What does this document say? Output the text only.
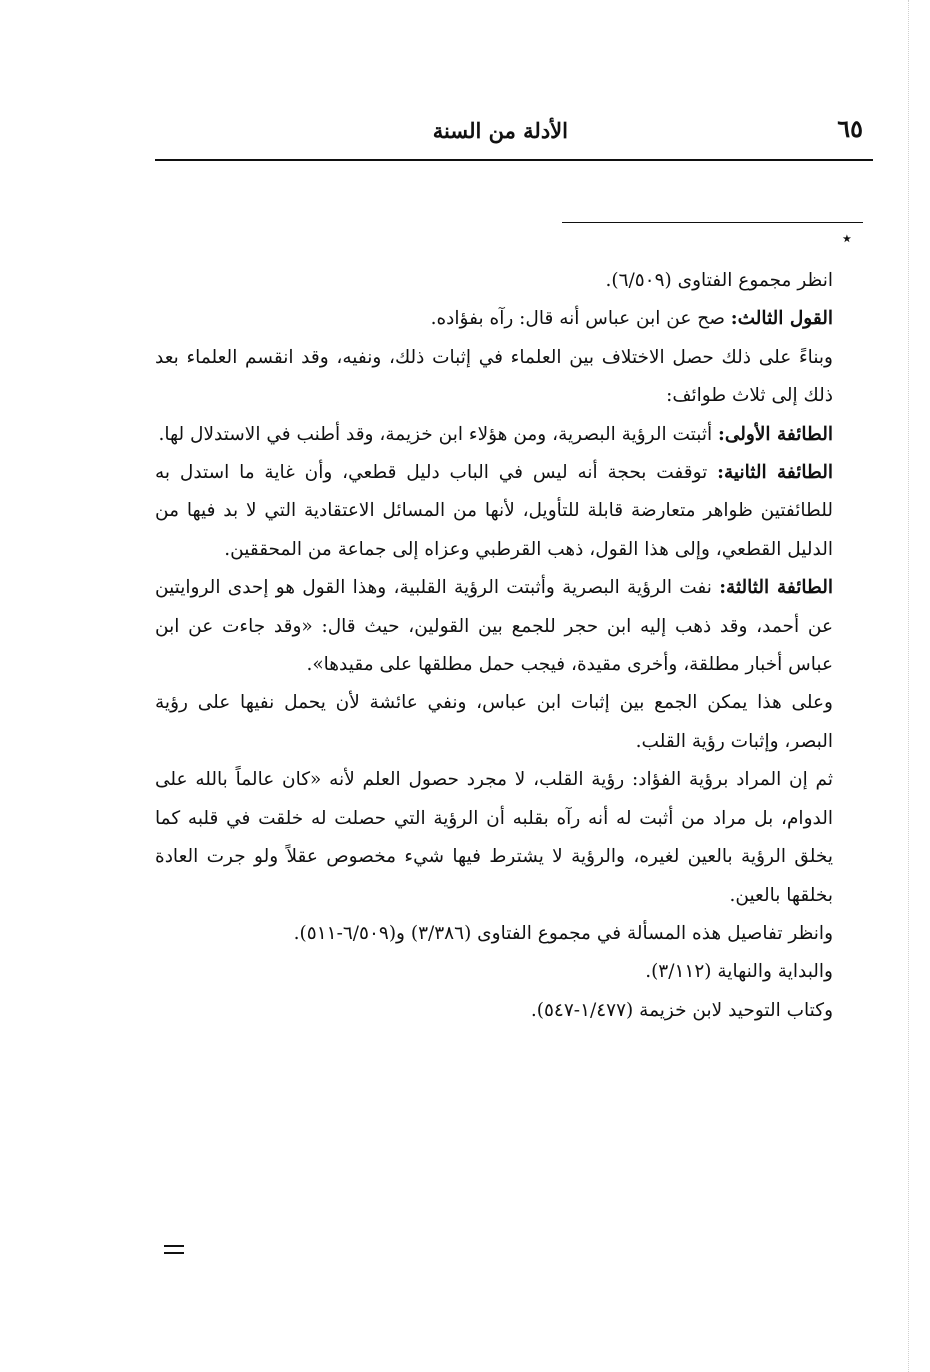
٦٥
الأدلة من السنة
٭

انظر مجموع الفتاوى (٦/٥٠٩).

القول الثالث: صح عن ابن عباس أنه قال: رآه بفؤاده.

وبناءً على ذلك حصل الاختلاف بين العلماء في إثبات ذلك، ونفيه، وقد انقسم العلماء بعد ذلك إلى ثلاث طوائف:

الطائفة الأولى: أثبتت الرؤية البصرية، ومن هؤلاء ابن خزيمة، وقد أطنب في الاستدلال لها.

الطائفة الثانية: توقفت بحجة أنه ليس في الباب دليل قطعي، وأن غاية ما استدل به للطائفتين ظواهر متعارضة قابلة للتأويل، لأنها من المسائل الاعتقادية التي لا بد فيها من الدليل القطعي، وإلى هذا القول، ذهب القرطبي وعزاه إلى جماعة من المحققين.

الطائفة الثالثة: نفت الرؤية البصرية وأثبتت الرؤية القلبية، وهذا القول هو إحدى الروايتين عن أحمد، وقد ذهب إليه ابن حجر للجمع بين القولين، حيث قال: «وقد جاءت عن ابن عباس أخبار مطلقة، وأخرى مقيدة، فيجب حمل مطلقها على مقيدها».

وعلى هذا يمكن الجمع بين إثبات ابن عباس، ونفي عائشة لأن يحمل نفيها على رؤية البصر، وإثبات رؤية القلب.

ثم إن المراد برؤية الفؤاد: رؤية القلب، لا مجرد حصول العلم لأنه «كان عالماً بالله على الدوام، بل مراد من أثبت له أنه رآه بقلبه أن الرؤية التي حصلت له خلقت في قلبه كما يخلق الرؤية بالعين لغيره، والرؤية لا يشترط فيها شيء مخصوص عقلاً ولو جرت العادة بخلقها بالعين.

وانظر تفاصيل هذه المسألة في مجموع الفتاوى (٣/٣٨٦) و(٦/٥٠٩-٥١١).

والبداية والنهاية (٣/١١٢).

وكتاب التوحيد لابن خزيمة (١/٤٧٧-٥٤٧).
